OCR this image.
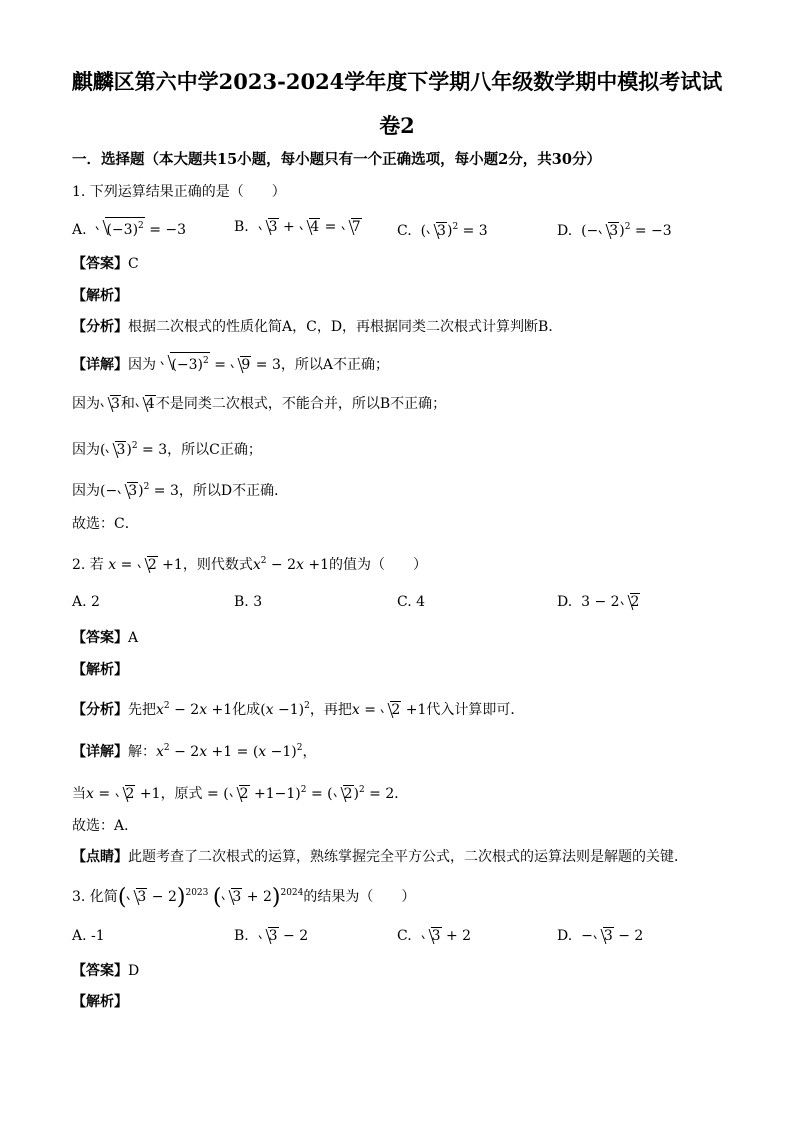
麒麟区第六中学2023-2024学年度下学期八年级数学期中模拟考试试
卷2
一．选择题（本大题共15小题，每小题只有一个正确选项，每小题2分，共30分）
1. 下列运算结果正确的是（　　）
A. $(-3)^2 = -3$	B. 3 +
4 =
7	C.  ( 3)$^2$ = 3	D.  (− 3)$^2$ = −3
【答案】C
【解析】
【分析】根据二次根式的性质化简A，C，D，再根据同类二次根式计算判断B．
【详解】因为 $(-3)^2$ =
9 = 3，所以A不正确；
因为 3和 4不是同类二次根式，不能合并，所以B不正确；
因为( 3)$^2$ = 3，所以C正确；
因为(− 3)$^2$ = 3，所以D不正确．
故选：C．
2. 若 x =
2 +1，则代数式$x^2 - 2x +1$的值为（　　）
A. 2	B. 3	C. 4	D.  3 − 2 2
【答案】A
【解析】
【分析】先把$x^2 - 2x +1$化成$(x -1)^2$，再把x =
2 +1代入计算即可．
【详解】解：$x^2 - 2x +1 = (x -1)^2$，
当x =
2 +1，原式 = ( 2 +1−1)$^2$ = ( 2)$^2$ = 2．
故选：A．
【点睛】此题考查了二次根式的运算，熟练掌握完全平方公式，二次根式的运算法则是解题的关键．
3. 化简( 3 − 2)$^{2023}$ ( 3 + 2)$^{2024}$的结果为（　　）
A. -1	B. 3 − 2	C. 3 + 2	D.  − 3 − 2
【答案】D
【解析】
